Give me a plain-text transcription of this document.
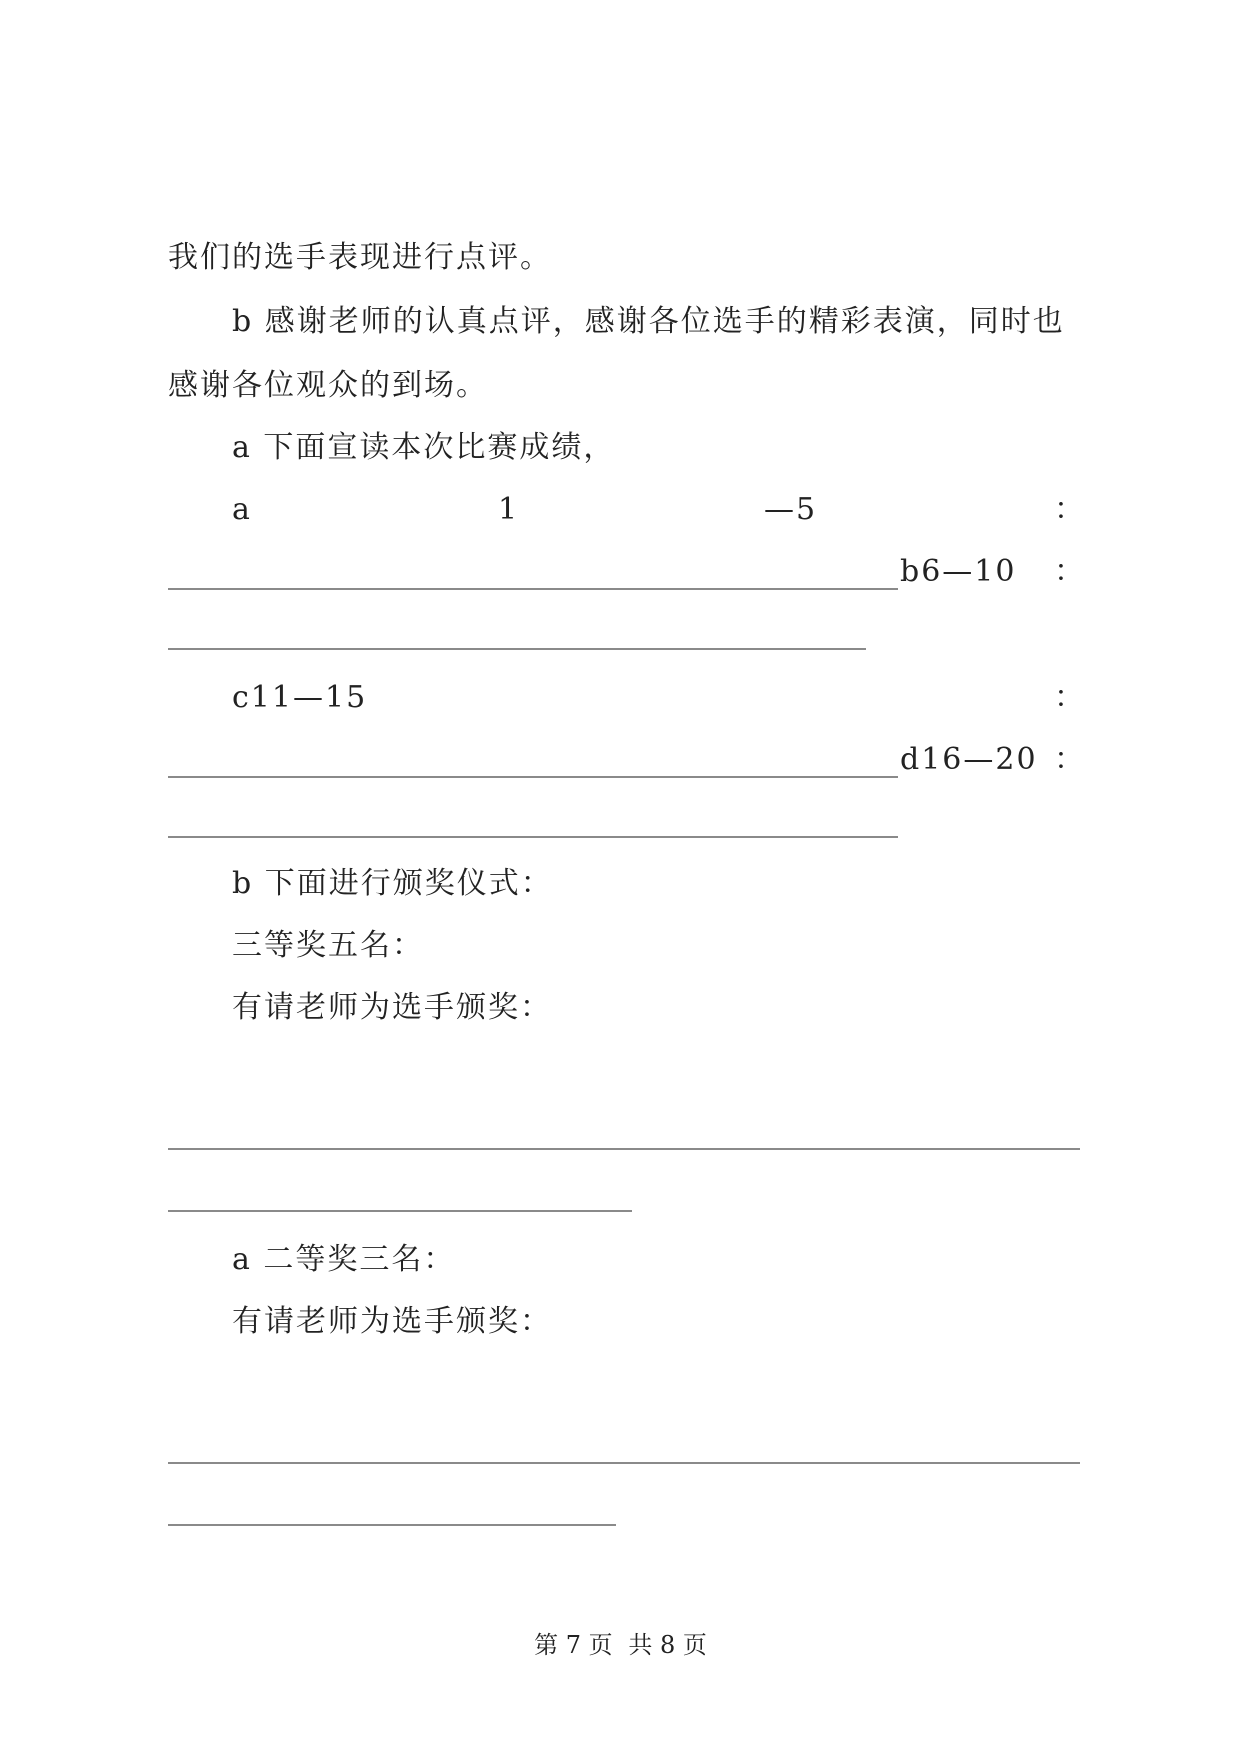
我们的选手表现进行点评。
b 感谢老师的认真点评，感谢各位选手的精彩表演，同时也
感谢各位观众的到场。
a 下面宣读本次比赛成绩，
a	1	—5	：
b6—10 ：
c11—15	：
d16—20 ：
b 下面进行颁奖仪式：
三等奖五名：
有请老师为选手颁奖：
a 二等奖三名：
有请老师为选手颁奖：
第 7 页 共 8 页
